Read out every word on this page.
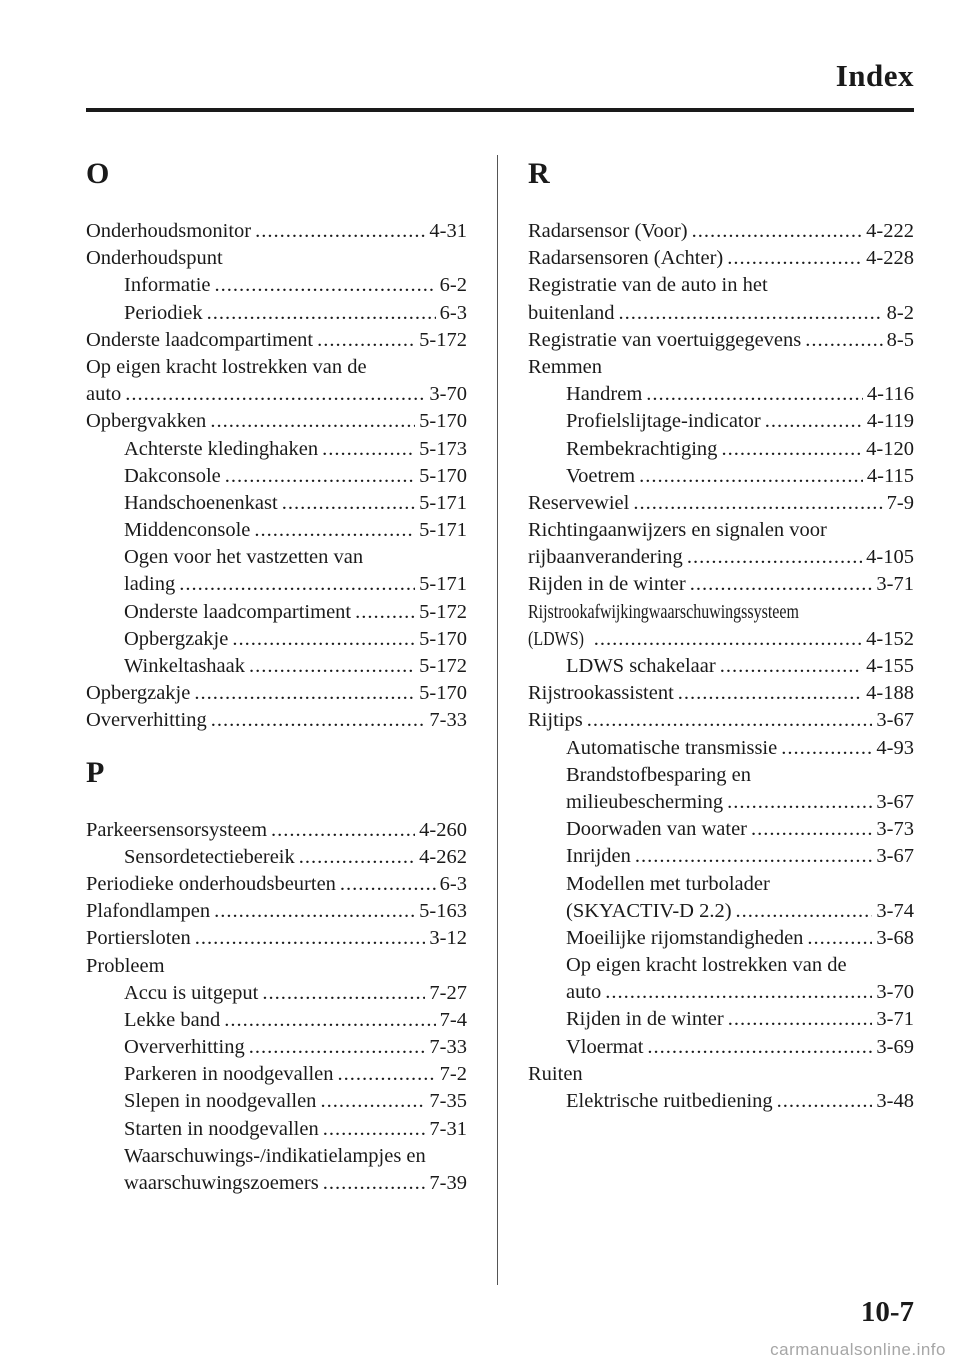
Index
O
Onderhoudsmonitor .....	4-31
Onderhoudspunt
Informatie .....	6-2
Periodiek .....	6-3
Onderste laadcompartiment .....	5-172
Op eigen kracht lostrekken van de
auto .....	3-70
Opbergvakken .....	5-170
Achterste kledinghaken .....	5-173
Dakconsole .....	5-170
Handschoenenkast .....	5-171
Middenconsole .....	5-171
Ogen voor het vastzetten van
lading .....	5-171
Onderste laadcompartiment .....	5-172
Opbergzakje .....	5-170
Winkeltashaak .....	5-172
Opbergzakje .....	5-170
Oververhitting .....	7-33
P
Parkeersensorsysteem .....	4-260
Sensordetectiebereik .....	4-262
Periodieke onderhoudsbeurten .....	6-3
Plafondlampen .....	5-163
Portiersloten .....	3-12
Probleem
Accu is uitgeput .....	7-27
Lekke band .....	7-4
Oververhitting .....	7-33
Parkeren in noodgevallen .....	7-2
Slepen in noodgevallen .....	7-35
Starten in noodgevallen .....	7-31
Waarschuwings-/indikatielampjes en
waarschuwingszoemers .....	7-39
R
Radarsensor (Voor) .....	4-222
Radarsensoren (Achter) .....	4-228
Registratie van de auto in het
buitenland .....	8-2
Registratie van voertuiggegevens .....	8-5
Remmen
Handrem .....	4-116
Profielslijtage-indicator .....	4-119
Rembekrachtiging .....	4-120
Voetrem .....	4-115
Reservewiel .....	7-9
Richtingaanwijzers en signalen voor
rijbaanverandering .....	4-105
Rijden in de winter .....	3-71
Rijstrookafwijkingwaarschuwingssysteem
(LDWS) .....	4-152
LDWS schakelaar .....	4-155
Rijstrookassistent .....	4-188
Rijtips .....	3-67
Automatische transmissie .....	4-93
Brandstofbesparing en
milieubescherming .....	3-67
Doorwaden van water .....	3-73
Inrijden .....	3-67
Modellen met turbolader
(SKYACTIV-D 2.2) .....	3-74
Moeilijke rijomstandigheden .....	3-68
Op eigen kracht lostrekken van de
auto .....	3-70
Rijden in de winter .....	3-71
Vloermat .....	3-69
Ruiten
Elektrische ruitbediening .....	3-48
10-7
carmanualsonline.info
